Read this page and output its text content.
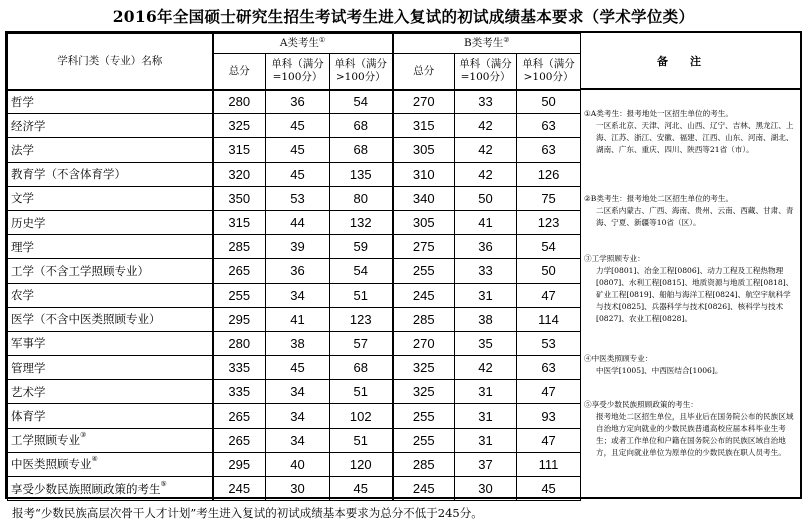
2016年全国硕士研究生招生考试考生进入复试的初试成绩基本要求（学术学位类）
学科门类（专业）名称	A类考生①			B类考生②
	总分	单科（满分=100分）	单科（满分>100分）	总分	单科（满分=100分）	单科（满分>100分）
哲学	280	36	54	270	33	50
经济学	325	45	68	315	42	63
法学	315	45	68	305	42	63
教育学（不含体育学）	320	45	135	310	42	126
文学	350	53	80	340	50	75
历史学	315	44	132	305	41	123
理学	285	39	59	275	36	54
工学（不含工学照顾专业）	265	36	54	255	33	50
农学	255	34	51	245	31	47
医学（不含中医类照顾专业）	295	41	123	285	38	114
军事学	280	38	57	270	35	53
管理学	335	45	68	325	42	63
艺术学	335	34	51	325	31	47
体育学	265	34	102	255	31	93
工学照顾专业③	265	34	51	255	31	47
中医类照顾专业④	295	40	120	285	37	111
享受少数民族照顾政策的考生⑤	245	30	45	245	30	45
备注

①A类考生：报考地处一区招生单位的考生。

一区系北京、天津、河北、山西、辽宁、吉林、黑龙江、上海、江苏、浙江、安徽、福建、江西、山东、河南、湖北、湖南、广东、重庆、四川、陕西等21省（市）。

②B类考生：报考地处二区招生单位的考生。

二区系内蒙古、广西、海南、贵州、云南、西藏、甘肃、青海、宁夏、新疆等10省（区）。

③工学照顾专业：

力学[0801]、冶金工程[0806]、动力工程及工程热物理[0807]、水利工程[0815]、地质资源与地质工程[0818]、矿业工程[0819]、船舶与海洋工程[0824]、航空宇航科学与技术[0825]、兵器科学与技术[0826]、核科学与技术[0827]、农业工程[0828]。

④中医类照顾专业：

中医学[1005]、中西医结合[1006]。

⑤享受少数民族照顾政策的考生：

报考地处二区招生单位，且毕业后在国务院公布的民族区域自治地方定向就业的少数民族普通高校应届本科毕业生考生；或者工作单位和户籍在国务院公布的民族区域自治地方，且定向就业单位为原单位的少数民族在职人员考生。

报考“少数民族高层次骨干人才计划”考生进入复试的初试成绩基本要求为总分不低于245分。
